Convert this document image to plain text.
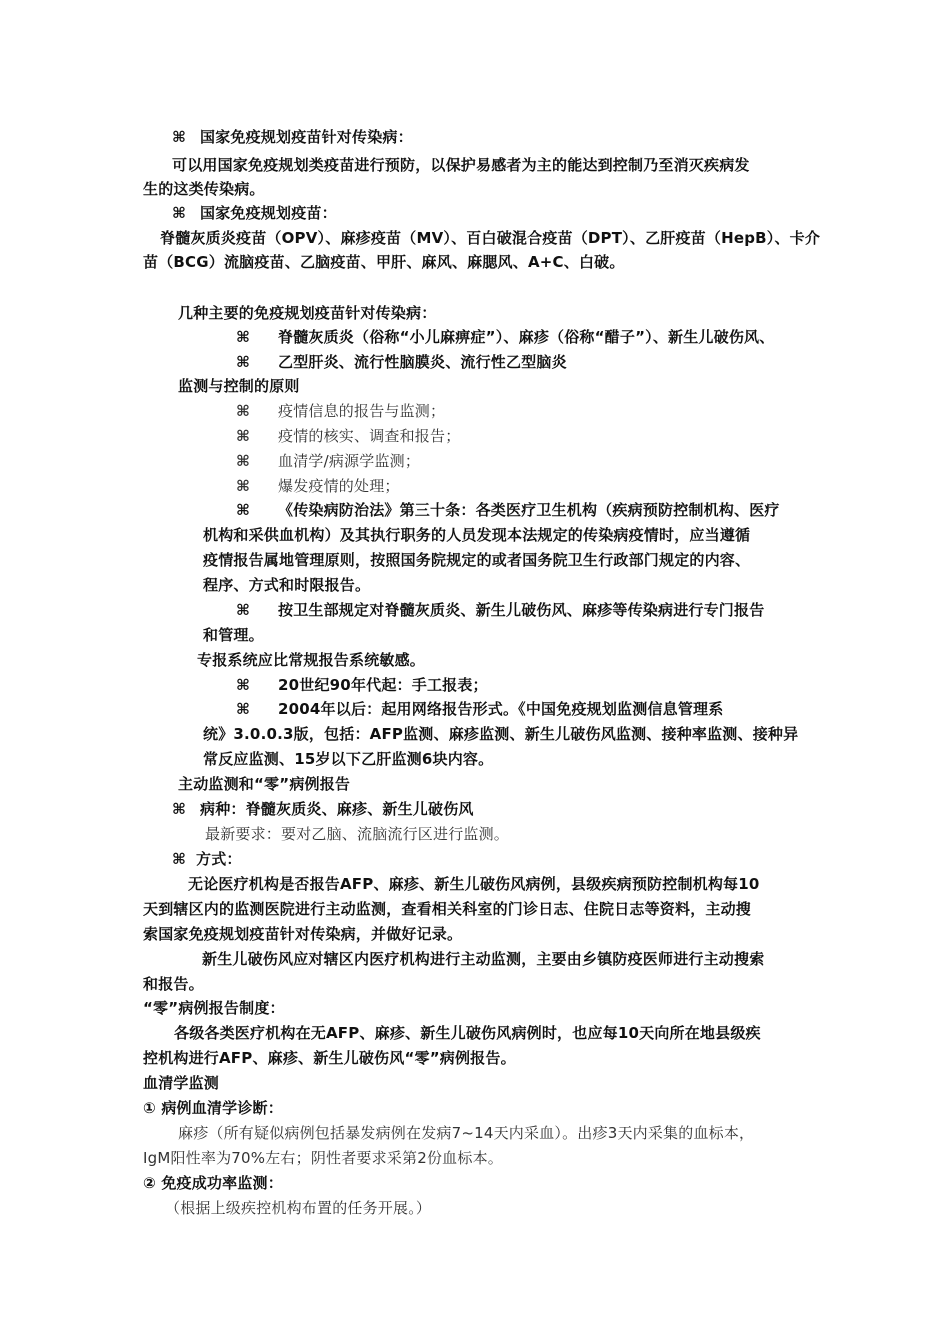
⌘ 国家免疫规划疫苗针对传染病：
可以用国家免疫规划类疫苗进行预防，以保护易感者为主的能达到控制乃至消灭疾病发
生的这类传染病。
⌘ 国家免疫规划疫苗：
脊髓灰质炎疫苗（OPV）、麻疹疫苗（MV）、百白破混合疫苗（DPT）、乙肝疫苗（HepB）、卡介
苗（BCG）流脑疫苗、乙脑疫苗、甲肝、麻风、麻腮风、A+C、白破。
几种主要的免疫规划疫苗针对传染病：
⌘ 脊髓灰质炎（俗称“小儿麻痹症”）、麻疹（俗称“醋子”）、新生儿破伤风、
⌘ 乙型肝炎、流行性脑膜炎、流行性乙型脑炎
监测与控制的原则
⌘ 疫情信息的报告与监测；
⌘ 疫情的核实、调查和报告；
⌘ 血清学/病源学监测；
⌘ 爆发疫情的处理；
⌘ 《传染病防治法》第三十条：各类医疗卫生机构（疾病预防控制机构、医疗
机构和采供血机构）及其执行职务的人员发现本法规定的传染病疫情时，应当遵循
疫情报告属地管理原则，按照国务院规定的或者国务院卫生行政部门规定的内容、
程序、方式和时限报告。
⌘ 按卫生部规定对脊髓灰质炎、新生儿破伤风、麻疹等传染病进行专门报告
和管理。
专报系统应比常规报告系统敏感。
⌘ 20世纪90年代起：手工报表；
⌘ 2004年以后：起用网络报告形式。《中国免疫规划监测信息管理系
统》3.0.0.3版，包括：AFP监测、麻疹监测、新生儿破伤风监测、接种率监测、接种异
常反应监测、15岁以下乙肝监测6块内容。
主动监测和“零”病例报告
⌘ 病种：脊髓灰质炎、麻疹、新生儿破伤风
最新要求：要对乙脑、流脑流行区进行监测。
⌘ 方式：
无论医疗机构是否报告AFP、麻疹、新生儿破伤风病例，县级疾病预防控制机构每10
天到辖区内的监测医院进行主动监测，查看相关科室的门诊日志、住院日志等资料，主动搜
索国家免疫规划疫苗针对传染病，并做好记录。
新生儿破伤风应对辖区内医疗机构进行主动监测，主要由乡镇防疫医师进行主动搜索
和报告。
“零”病例报告制度：
各级各类医疗机构在无AFP、麻疹、新生儿破伤风病例时，也应每10天向所在地县级疾
控机构进行AFP、麻疹、新生儿破伤风“零”病例报告。
血清学监测
① 病例血清学诊断：
麻疹（所有疑似病例包括暴发病例在发病7~14天内采血）。出疹3天内采集的血标本，
IgM阳性率为70%左右；阴性者要求采第2份血标本。
② 免疫成功率监测：
（根据上级疾控机构布置的任务开展。）
